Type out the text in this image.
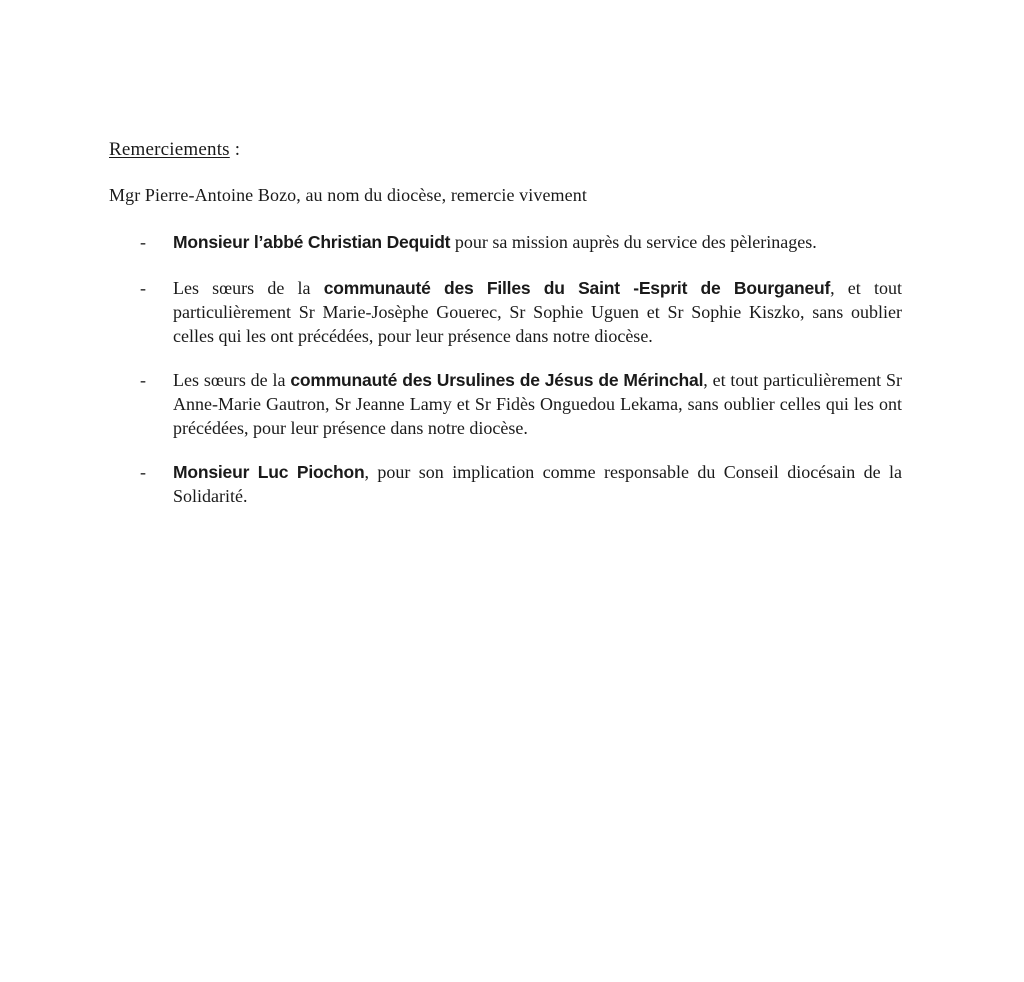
Remerciements :
Mgr Pierre-Antoine Bozo, au nom du diocèse, remercie vivement
-	Monsieur l’abbé Christian Dequidt pour sa mission auprès du service des pèlerinages.
-	Les sœurs de la communauté des Filles du Saint -Esprit de Bourganeuf, et tout particulièrement Sr Marie-Josèphe Gouerec, Sr Sophie Uguen et Sr Sophie Kiszko, sans oublier celles qui les ont précédées, pour leur présence dans notre diocèse.
-	Les sœurs de la communauté des Ursulines de Jésus de Mérinchal, et tout particulièrement Sr Anne-Marie Gautron, Sr Jeanne Lamy et Sr Fidès Onguedou Lekama, sans oublier celles qui les ont précédées, pour leur présence dans notre diocèse.
-	Monsieur Luc Piochon, pour son implication comme responsable du Conseil diocésain de la Solidarité.
